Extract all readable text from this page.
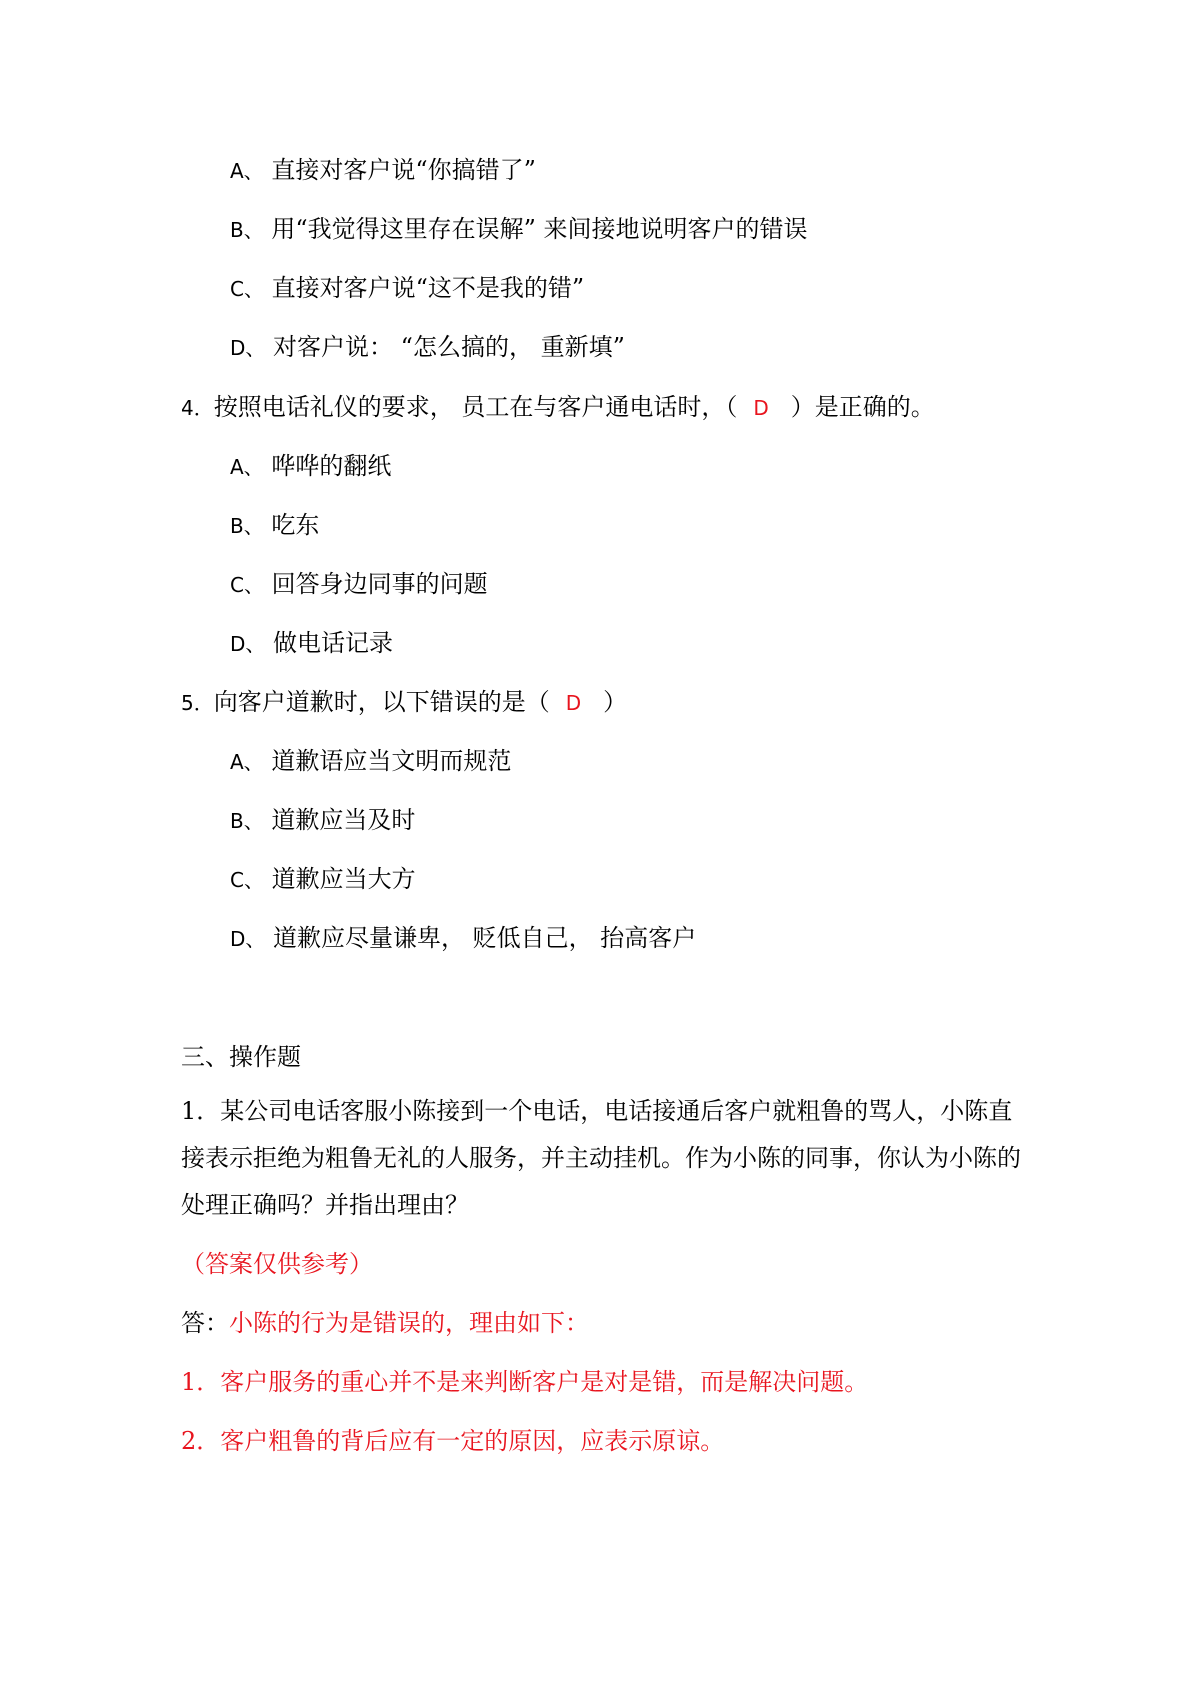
A、 直接对客户说“你搞错了”
B、 用“我觉得这里存在误解” 来间接地说明客户的错误
C、 直接对客户说“这不是我的错”
D、 对客户说： “怎么搞的， 重新填”
4．按照电话礼仪的要求， 员工在与客户通电话时，（ D ）是正确的。
A、 哗哗的翻纸
B、 吃东
C、 回答身边同事的问题
D、 做电话记录
5．向客户道歉时，以下错误的是（ D ）
A、 道歉语应当文明而规范
B、 道歉应当及时
C、 道歉应当大方
D、 道歉应尽量谦卑， 贬低自己， 抬高客户
三、操作题
1．某公司电话客服小陈接到一个电话，电话接通后客户就粗鲁的骂人，小陈直接表示拒绝为粗鲁无礼的人服务，并主动挂机。作为小陈的同事，你认为小陈的处理正确吗？并指出理由？
（答案仅供参考）
答：小陈的行为是错误的，理由如下：
1．客户服务的重心并不是来判断客户是对是错，而是解决问题。
2．客户粗鲁的背后应有一定的原因，应表示原谅。
